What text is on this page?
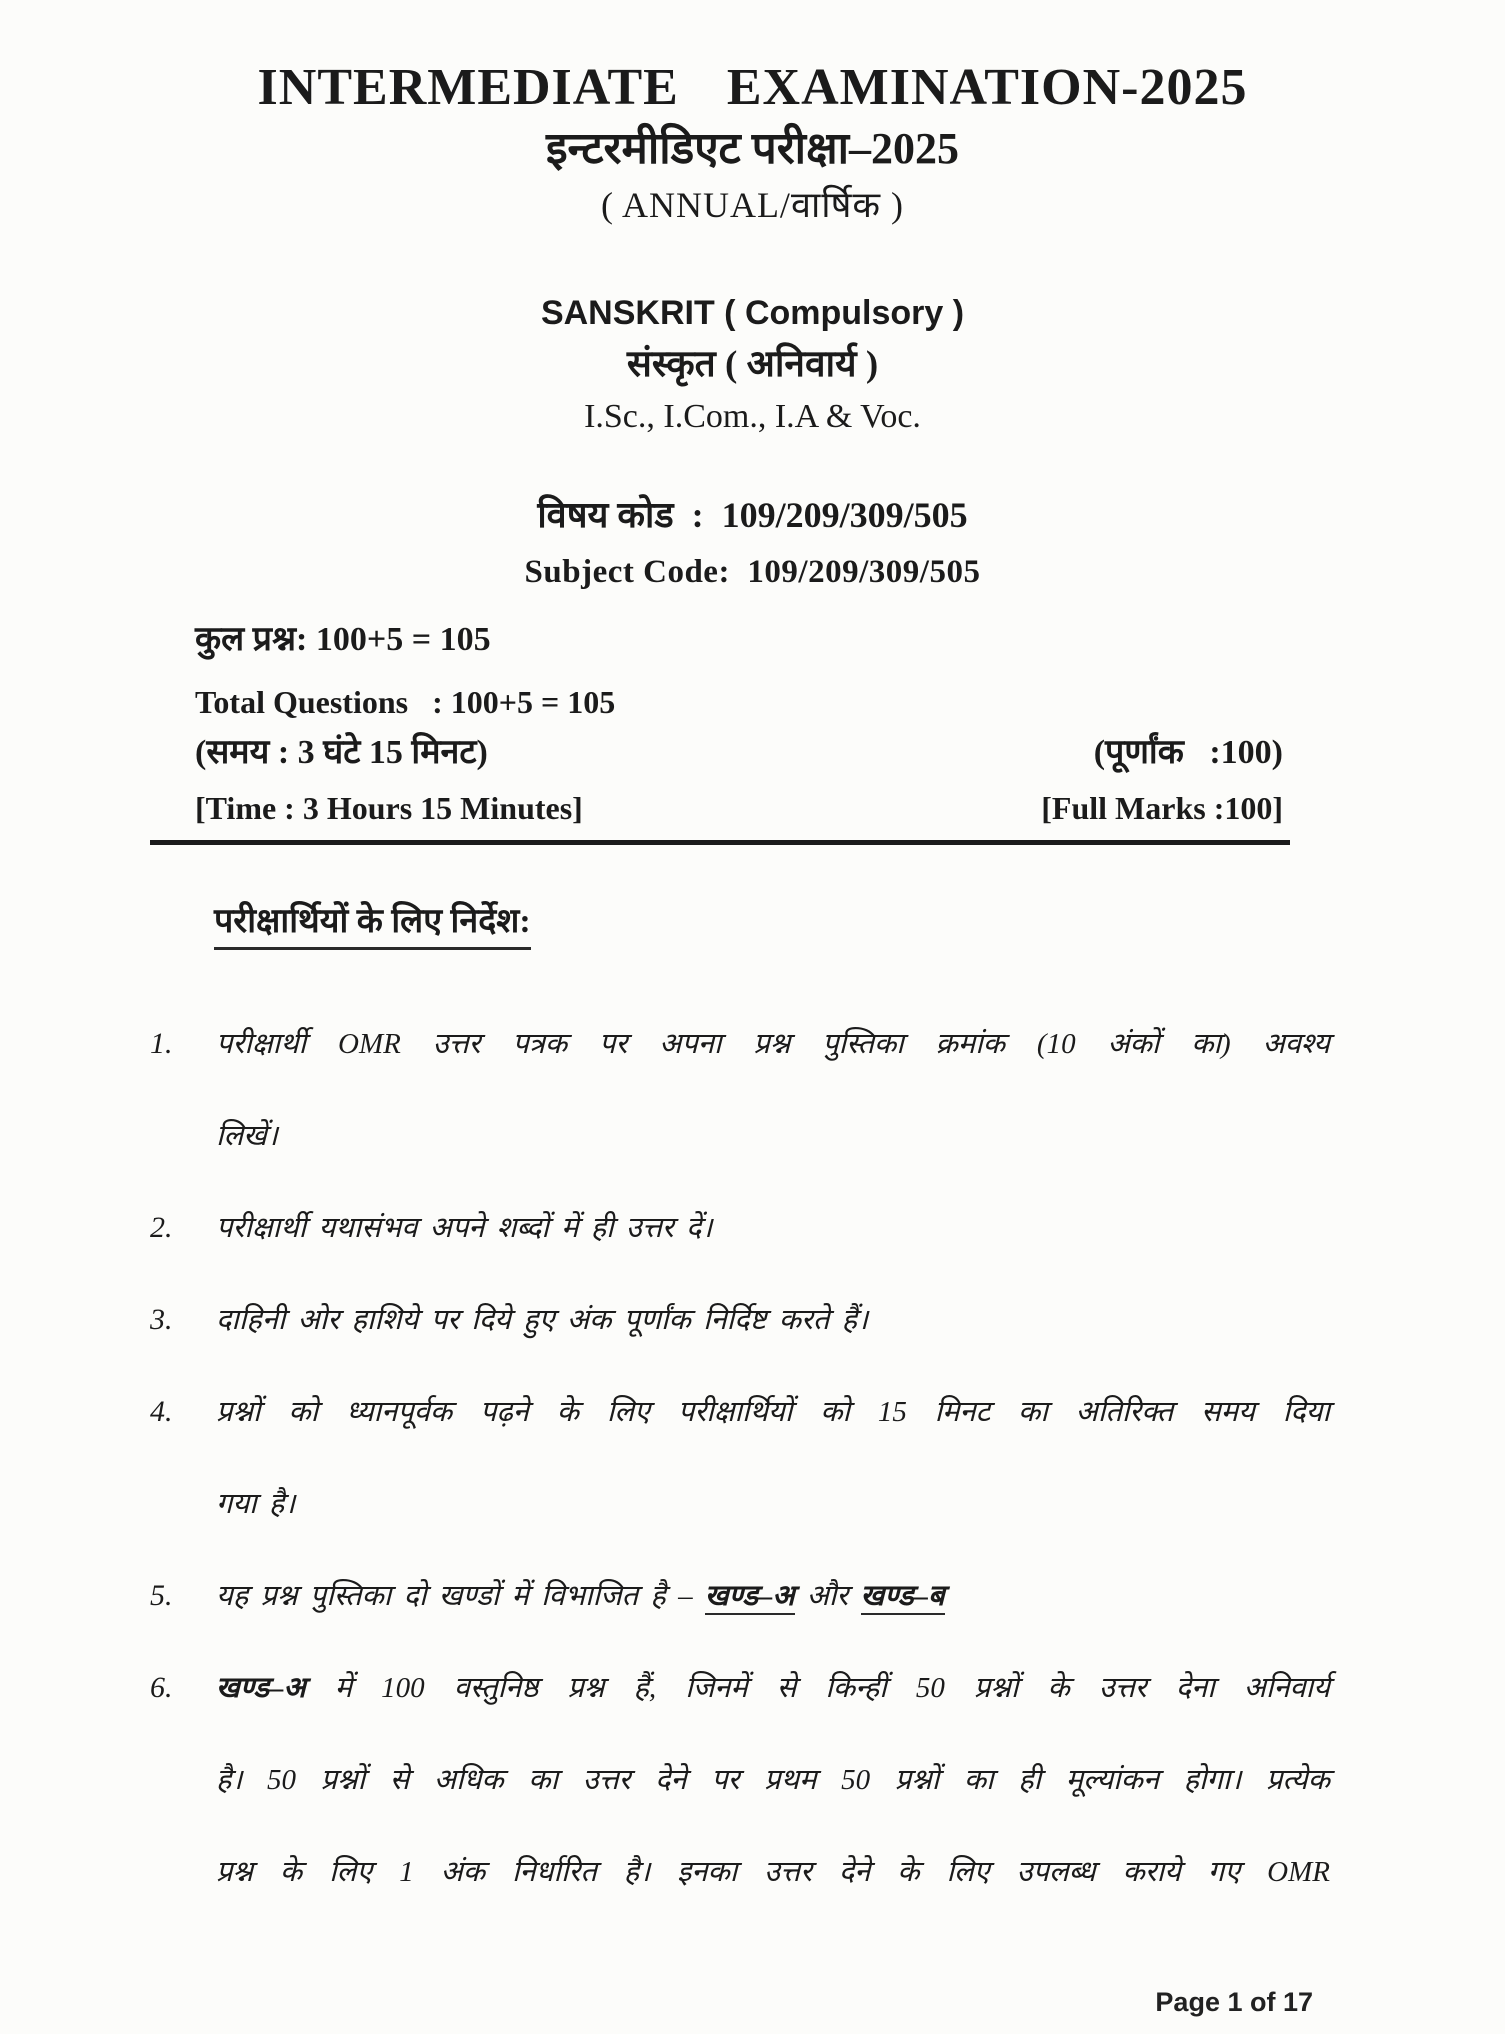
INTERMEDIATE  EXAMINATION-2025
इन्टरमीडिएट परीक्षा–2025
( ANNUAL/वार्षिक )
SANSKRIT ( Compulsory )
संस्कृत ( अनिवार्य )
I.Sc., I.Com., I.A & Voc.
विषय कोड  :  109/209/309/505
Subject Code:  109/209/309/505
कुल प्रश्न: 100+5 = 105
Total Questions   : 100+5 = 105
(समय : 3 घंटे 15 मिनट)	(पूर्णांक   :100)
[Time : 3 Hours 15 Minutes]	[Full Marks :100]
परीक्षार्थियों के लिए निर्देश:
1.	परीक्षार्थी OMR उत्तर पत्रक पर अपना प्रश्न पुस्तिका क्रमांक (10 अंकों का) अवश्य
लिखें।
2.	परीक्षार्थी यथासंभव अपने शब्दों में ही उत्तर दें।
3.	दाहिनी ओर हाशिये पर दिये हुए अंक पूर्णांक निर्दिष्ट करते हैं।
4.	प्रश्नों को ध्यानपूर्वक पढ़ने के लिए परीक्षार्थियों को 15 मिनट का अतिरिक्त समय दिया
गया है।
5.	यह प्रश्न पुस्तिका दो खण्डों में विभाजित है – खण्ड–अ और खण्ड–ब
6.	खण्ड–अ में 100 वस्तुनिष्ठ प्रश्न हैं, जिनमें से किन्हीं 50 प्रश्नों के उत्तर देना अनिवार्य
है। 50 प्रश्नों से अधिक का उत्तर देने पर प्रथम 50 प्रश्नों का ही मूल्यांकन होगा। प्रत्येक
प्रश्न के लिए 1 अंक निर्धारित है। इनका उत्तर देने के लिए उपलब्ध कराये गए OMR
Page 1 of 17
